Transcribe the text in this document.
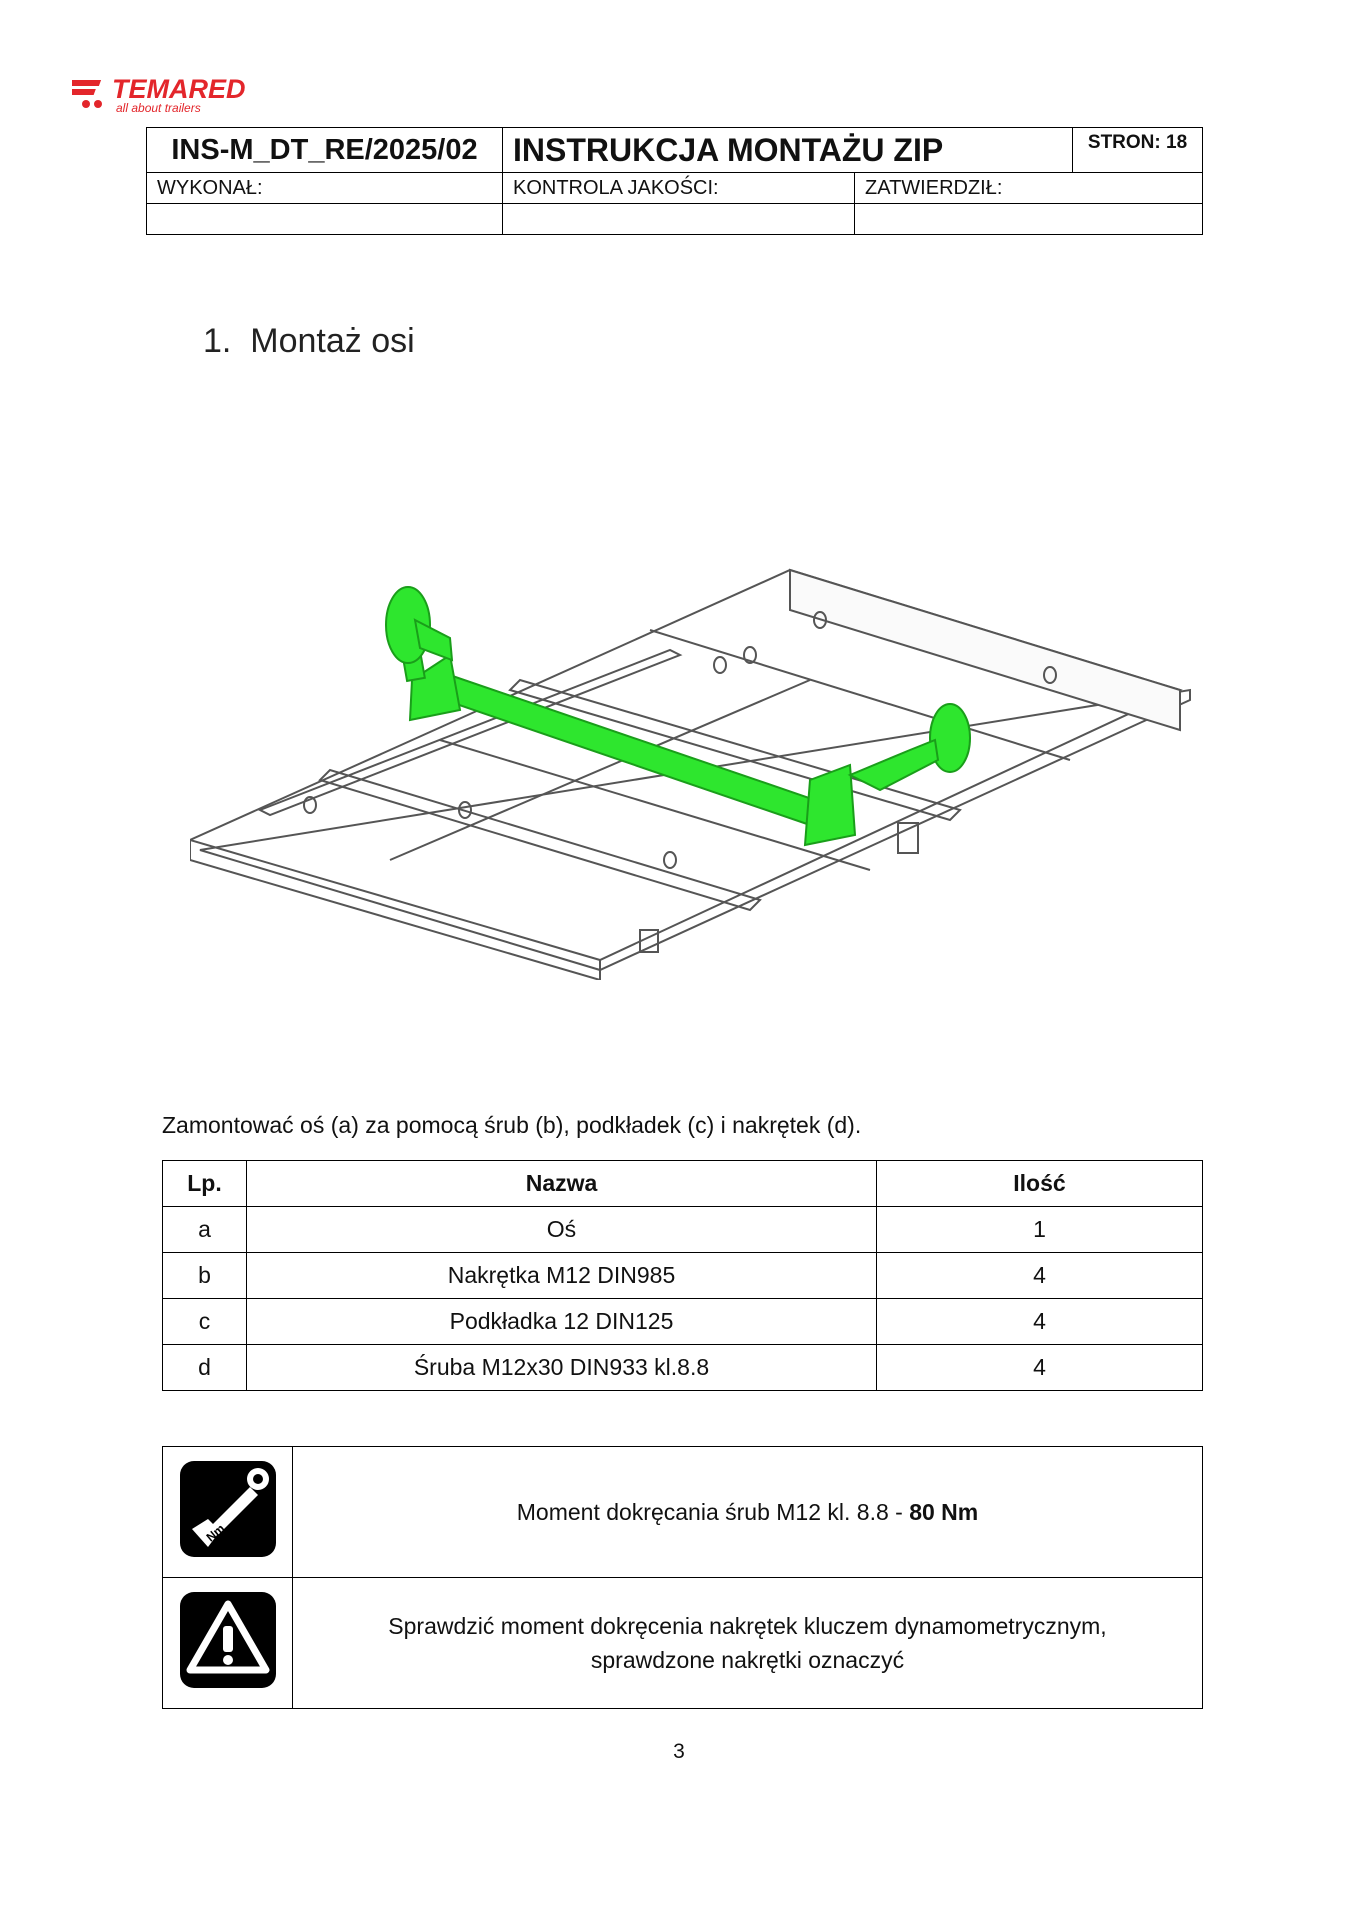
TEMARED
all about trailers
INS-M_DT_RE/2025/02	INSTRUKCJA MONTAŻU ZIP		STRON: 18
WYKONAŁ:	KONTROLA JAKOŚCI:	ZATWIERDZIŁ:	

1. Montaż osi
Zamontować oś (a) za pomocą śrub (b), podkładek (c) i nakrętek (d).
Lp.	Nazwa	Ilość
a	Oś	1
b	Nakrętka M12 DIN985	4
c	Podkładka 12 DIN125	4
d	Śruba M12x30 DIN933 kl.8.8	4
Nm	Moment dokręcania śrub M12 kl. 8.8 - 80 Nm

Sprawdzić moment dokręcenia nakrętek kluczem dynamometrycznym,
sprawdzone nakrętki oznaczyć
3
